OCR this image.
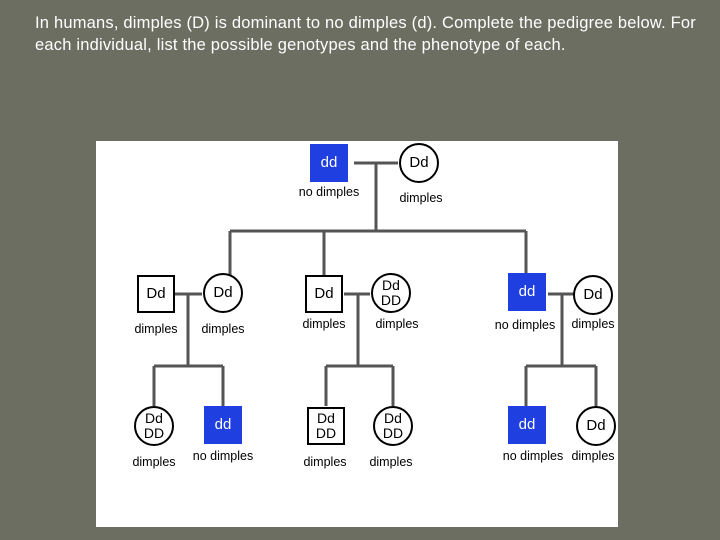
In humans, dimples (D) is dominant to no dimples (d). Complete the pedigree below. For each individual, list the possible genotypes and the phenotype of each.
dd
no dimples
Dd
dimples
Dd
dimples
Dd
dimples
Dd
dimples
Dd
DD
dimples
dd
no dimples
Dd
dimples
Dd
DD
dimples
dd
no dimples
Dd
DD
dimples
Dd
DD
dimples
dd
no dimples
Dd
dimples
